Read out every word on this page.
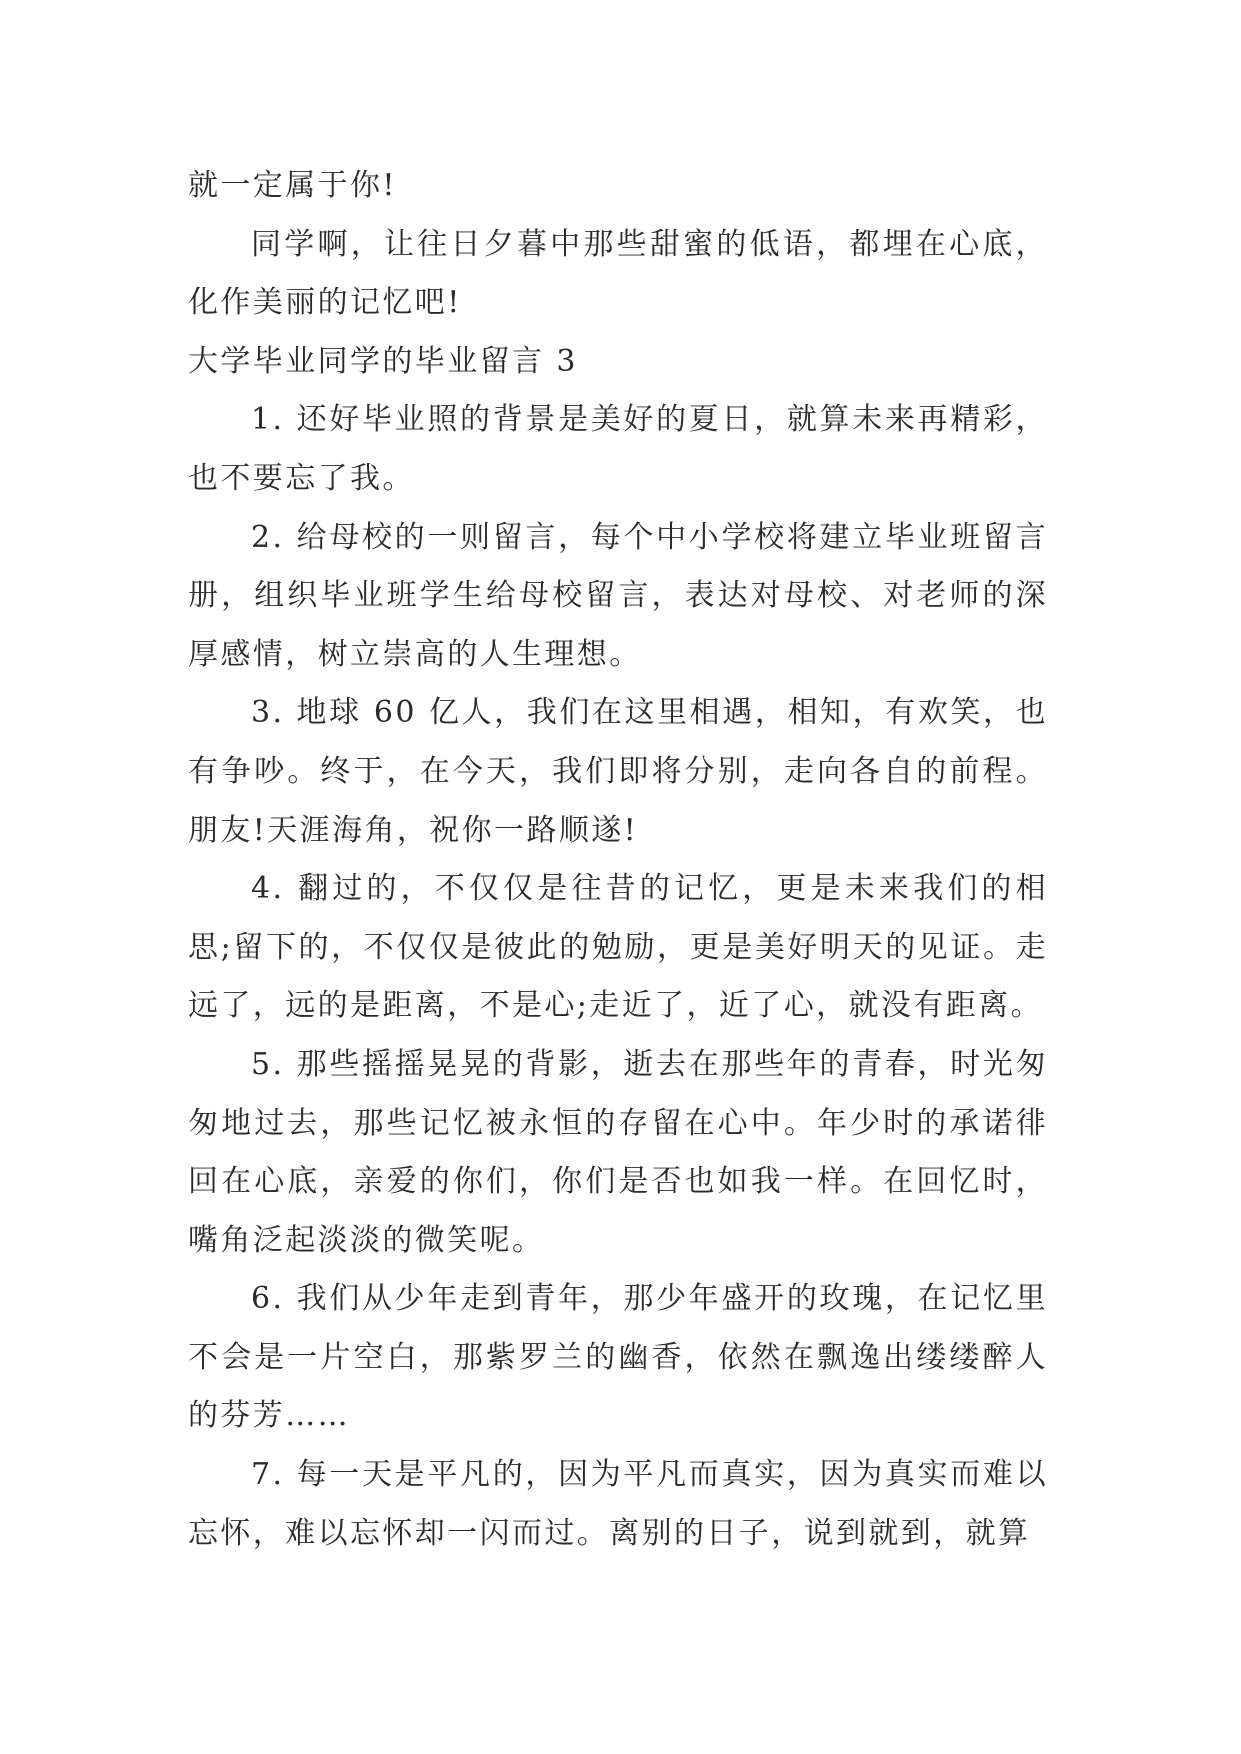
就一定属于你!

同学啊，让往日夕暮中那些甜蜜的低语，都埋在心底，化作美丽的记忆吧!

大学毕业同学的毕业留言 3

1. 还好毕业照的背景是美好的夏日，就算未来再精彩，也不要忘了我。

2. 给母校的一则留言，每个中小学校将建立毕业班留言册，组织毕业班学生给母校留言，表达对母校、对老师的深厚感情，树立崇高的人生理想。

3. 地球 60 亿人，我们在这里相遇，相知，有欢笑，也有争吵。终于，在今天，我们即将分别，走向各自的前程。朋友!天涯海角，祝你一路顺遂!

4. 翻过的，不仅仅是往昔的记忆，更是未来我们的相思;留下的，不仅仅是彼此的勉励，更是美好明天的见证。走远了，远的是距离，不是心;走近了，近了心，就没有距离。

5. 那些摇摇晃晃的背影，逝去在那些年的青春，时光匆匆地过去，那些记忆被永恒的存留在心中。年少时的承诺徘回在心底，亲爱的你们，你们是否也如我一样。在回忆时，嘴角泛起淡淡的微笑呢。

6. 我们从少年走到青年，那少年盛开的玫瑰，在记忆里不会是一片空白，那紫罗兰的幽香，依然在飘逸出缕缕醉人的芬芳……

7. 每一天是平凡的，因为平凡而真实，因为真实而难以忘怀，难以忘怀却一闪而过。离别的日子，说到就到，就算
